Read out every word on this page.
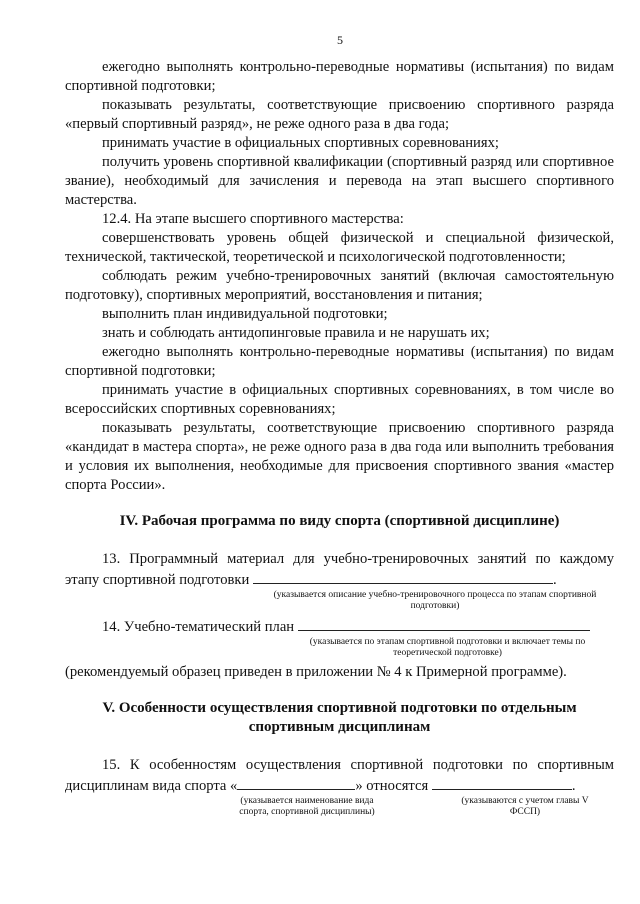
5

ежегодно выполнять контрольно-переводные нормативы (испытания) по видам спортивной подготовки;

показывать результаты, соответствующие присвоению спортивного разряда «первый спортивный разряд», не реже одного раза в два года;

принимать участие в официальных спортивных соревнованиях;

получить уровень спортивной квалификации (спортивный разряд или спортивное звание), необходимый для зачисления и перевода на этап высшего спортивного мастерства.

12.4. На этапе высшего спортивного мастерства:

совершенствовать уровень общей физической и специальной физической, технической, тактической, теоретической и психологической подготовленности;

соблюдать режим учебно-тренировочных занятий (включая самостоятельную подготовку), спортивных мероприятий, восстановления и питания;

выполнить план индивидуальной подготовки;

знать и соблюдать антидопинговые правила и не нарушать их;

ежегодно выполнять контрольно-переводные нормативы (испытания) по видам спортивной подготовки;

принимать участие в официальных спортивных соревнованиях, в том числе во всероссийских спортивных соревнованиях;

показывать результаты, соответствующие присвоению спортивного разряда «кандидат в мастера спорта», не реже одного раза в два года или выполнить требования и условия их выполнения, необходимые для присвоения спортивного звания «мастер спорта России».

IV. Рабочая программа по виду спорта (спортивной дисциплине)

13. Программный материал для учебно-тренировочных занятий по каждому этапу спортивной подготовки	.

(указывается описание учебно-тренировочного процесса по этапам спортивной подготовки)

14. Учебно-тематический план

(указывается по этапам спортивной подготовки и включает темы по теоретической подготовке)

(рекомендуемый образец приведен в приложении № 4 к Примерной программе).

V. Особенности осуществления спортивной подготовки по отдельным

спортивным дисциплинам

15. К особенностям осуществления спортивной подготовки по спортивным дисциплинам вида спорта «	» относятся	.

(указывается наименование вида спорта, спортивной дисциплины)
(указываются с учетом главы V ФССП)
